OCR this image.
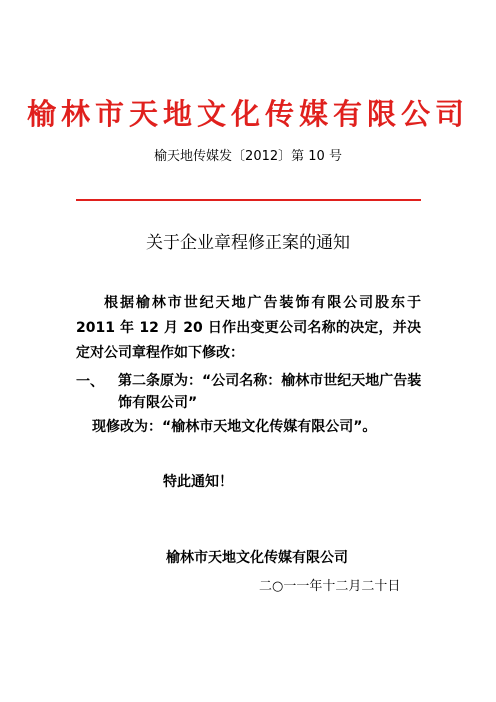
榆林市天地文化传媒有限公司
榆天地传媒发〔2012〕第 10 号
关于企业章程修正案的通知
根据榆林市世纪天地广告装饰有限公司股东于 2011 年 12 月 20 日作出变更公司名称的决定，并决定对公司章程作如下修改：
一、 第二条原为：“公司名称：榆林市世纪天地广告装饰有限公司”
现修改为：“榆林市天地文化传媒有限公司”。
特此通知！
榆林市天地文化传媒有限公司
二○一一年十二月二十日
